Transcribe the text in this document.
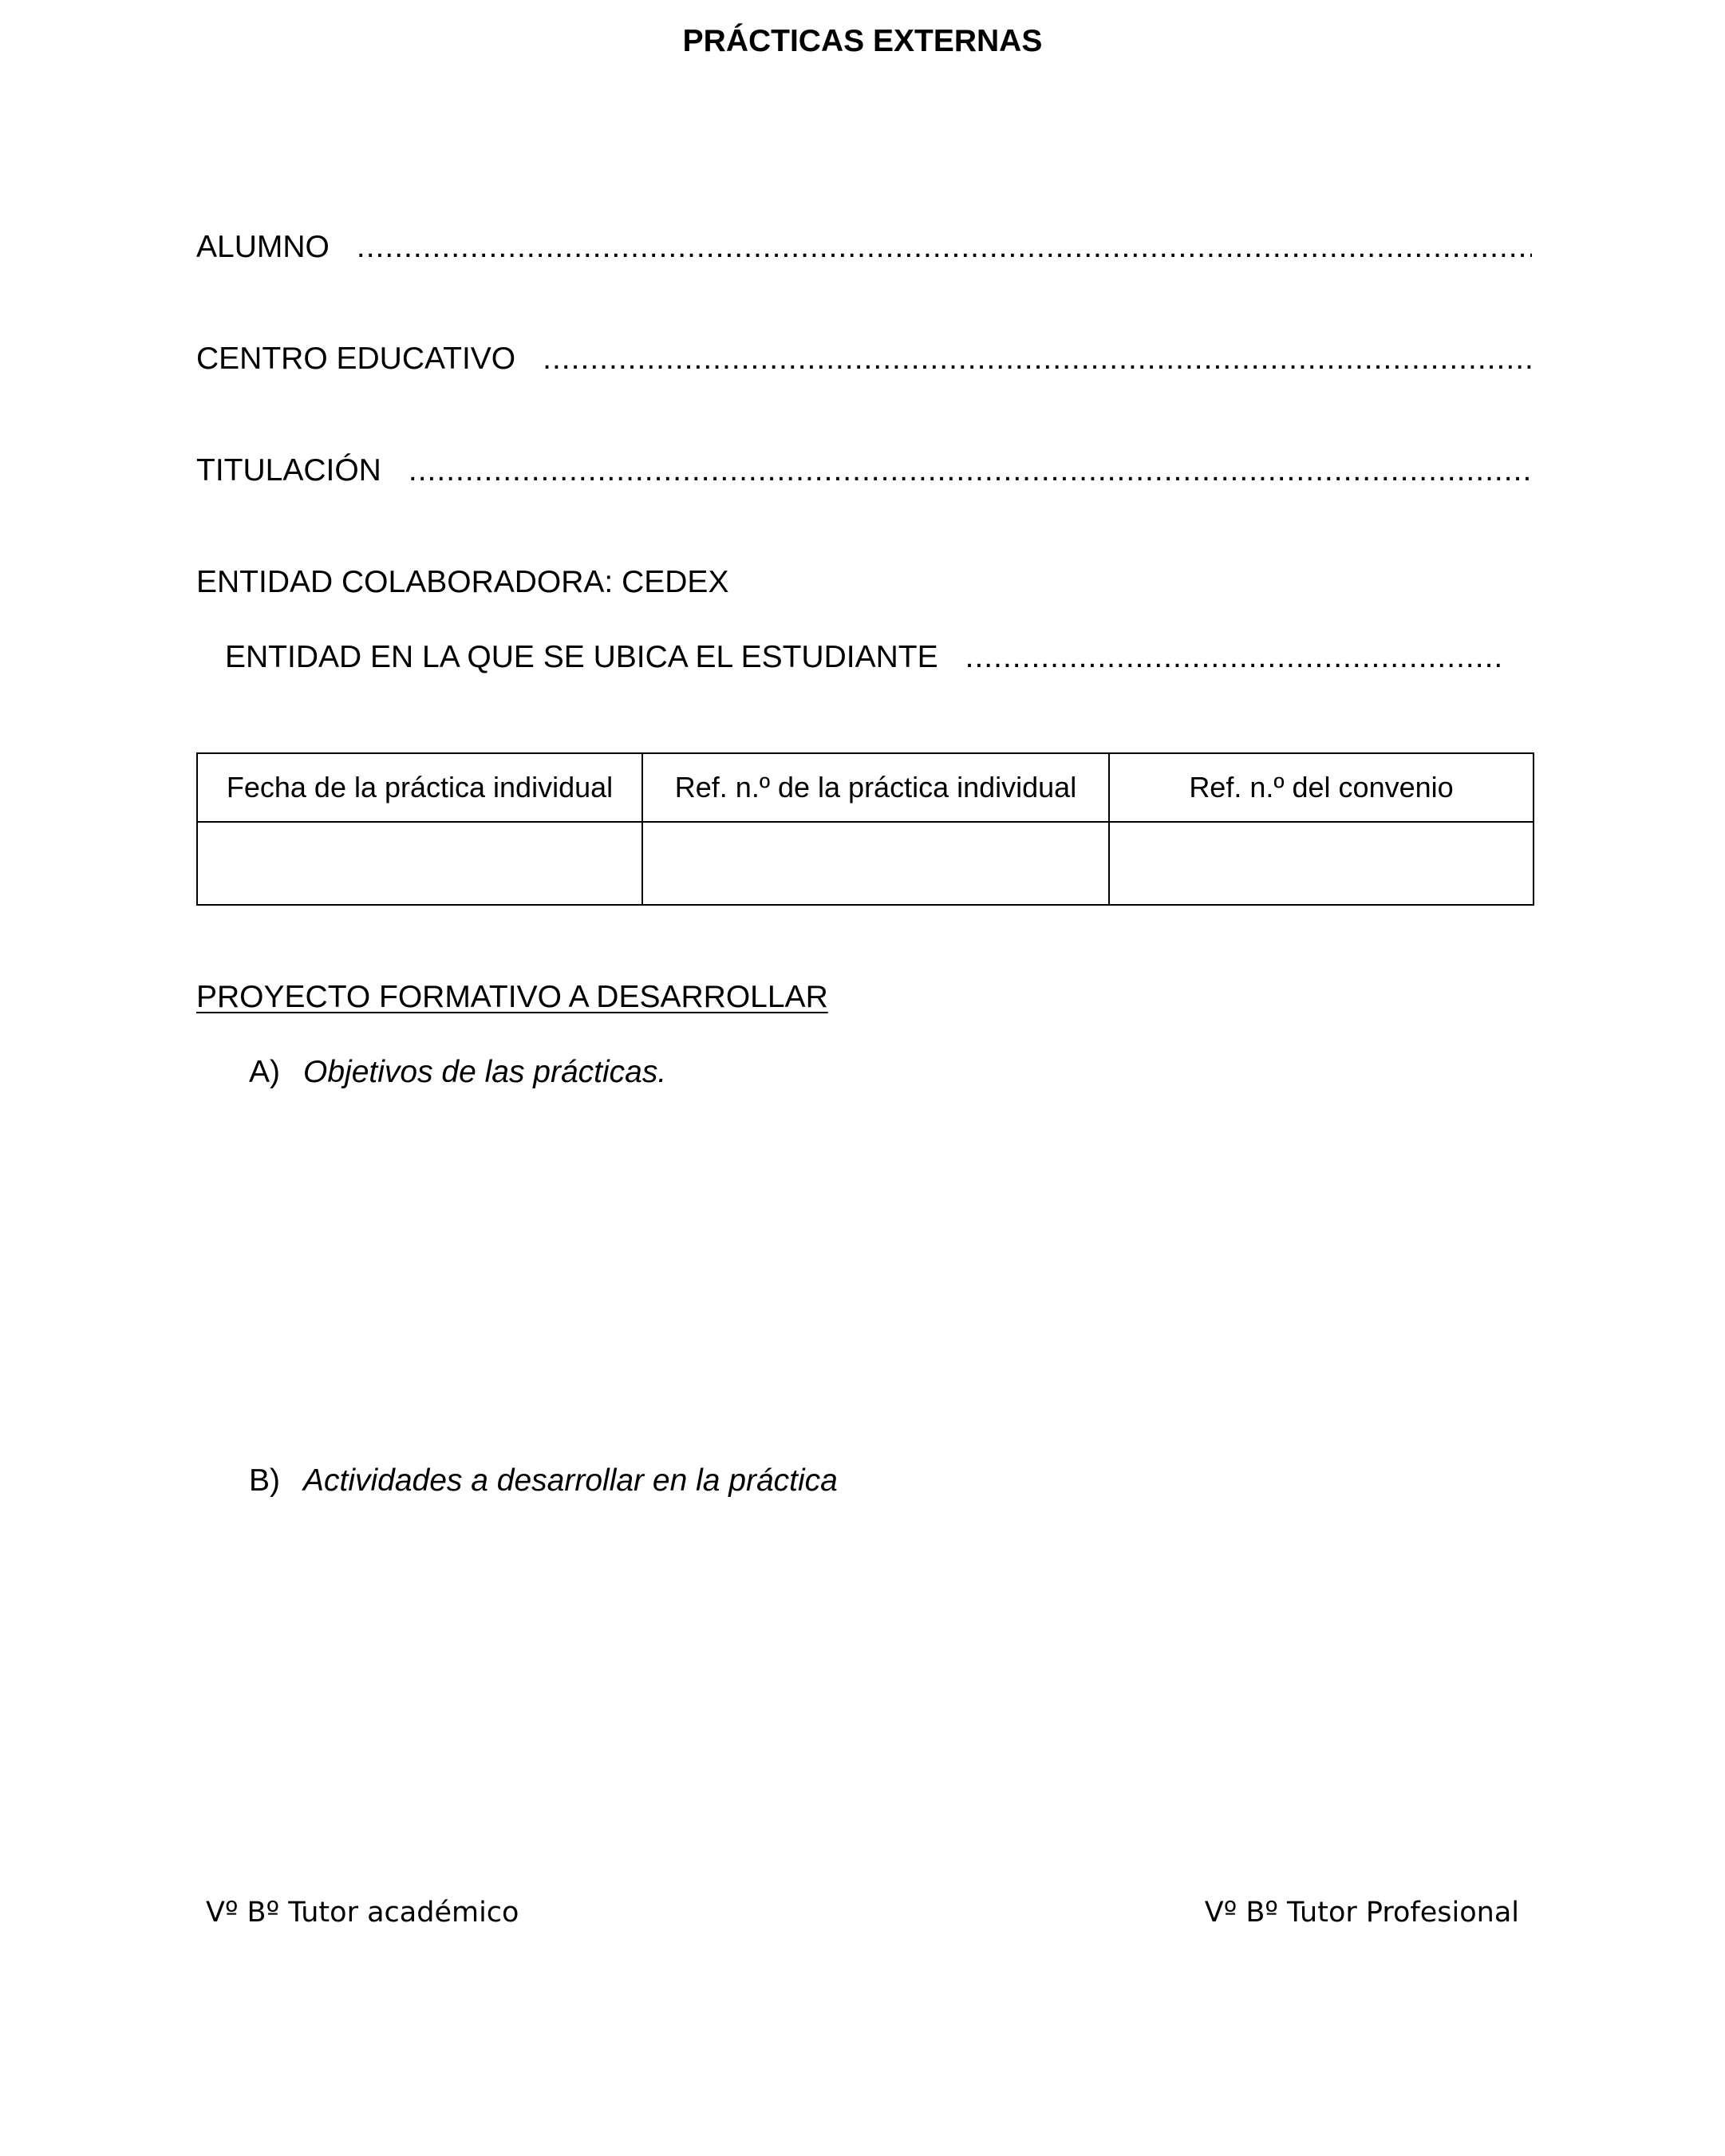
PRÁCTICAS EXTERNAS
ALUMNO
.....
CENTRO EDUCATIVO
.....
TITULACIÓN
.....
ENTIDAD COLABORADORA: CEDEX
ENTIDAD EN LA QUE SE UBICA EL ESTUDIANTE
.....
Fecha de la práctica individual	Ref. n.º de la práctica individual	Ref. n.º del convenio

PROYECTO FORMATIVO A DESARROLLAR
A) Objetivos de las prácticas.
B) Actividades a desarrollar en la práctica
Vº Bº Tutor académico	Vº Bº Tutor Profesional
